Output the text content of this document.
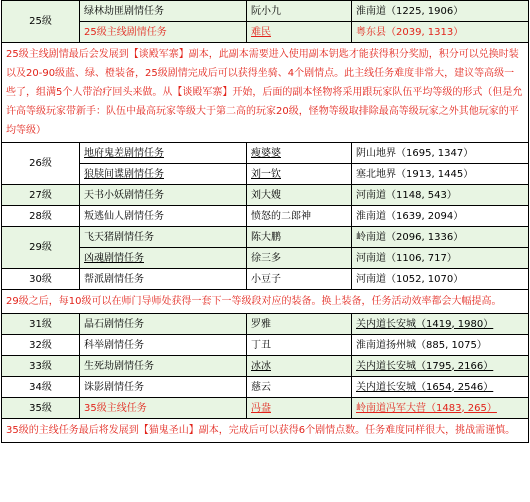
25级	绿林劫匪剧情任务	阮小九	淮南道（1225, 1906）
	25级主线剧情任务	难民	粤东县（2039, 1313）
25级主线剧情最后会发展到【谈殿军寨】副本，此副本需要进入使用副本钥匙才能获得积分奖励，积分可以兑换时装以及20-90级蓝、绿、橙装备，25级剧情完成后可以获得坐骑、4个剧情点。此主线任务难度非常大，建议等高级一些了，组满5个人带治疗回头来做。从【谈殿军寨】开始，后面的副本怪物将采用跟玩家队伍平均等级的形式（但是允许高等级玩家带新手：队伍中最高玩家等级大于第二高的玩家20级，怪物等级取排除最高等级玩家之外其他玩家的平均等级）			
26级	地府鬼差剧情任务	瘦婆婆	阴山地界（1695, 1347）
	狼牍间谍剧情任务	刘一钦	塞北地界（1913, 1445）
27级	天书小妖剧情任务	刘大嫂	河南道（1148, 543）
28级	叛逃仙人剧情任务	愤怒的二郎神	淮南道（1639, 2094）
29级	飞天猪剧情任务	陈大鹏	岭南道（2096, 1336）
	凶魂剧情任务	徐三多	河南道（1106, 717）
30级	帮派剧情任务	小豆子	河南道（1052, 1070）
29级之后，每10级可以在师门导师处获得一套下一等级段对应的装备。换上装备，任务活动效率都会大幅提高。			
31级	晶石剧情任务	罗雅	关内道长安城（1419, 1980）
32级	科举剧情任务	丁丑	淮南道扬州城（885, 1075）
33级	生死劫剧情任务	冰冰	关内道长安城（1795, 2166）
34级	诛影剧情任务	慈云	关内道长安城（1654, 2546）
35级	35级主线任务	冯盎	岭南道冯军大营（1483, 265）
35级的主线任务最后将发展到【猫鬼圣山】副本，完成后可以获得6个剧情点数。任务难度同样很大，挑战需谨慎。			
